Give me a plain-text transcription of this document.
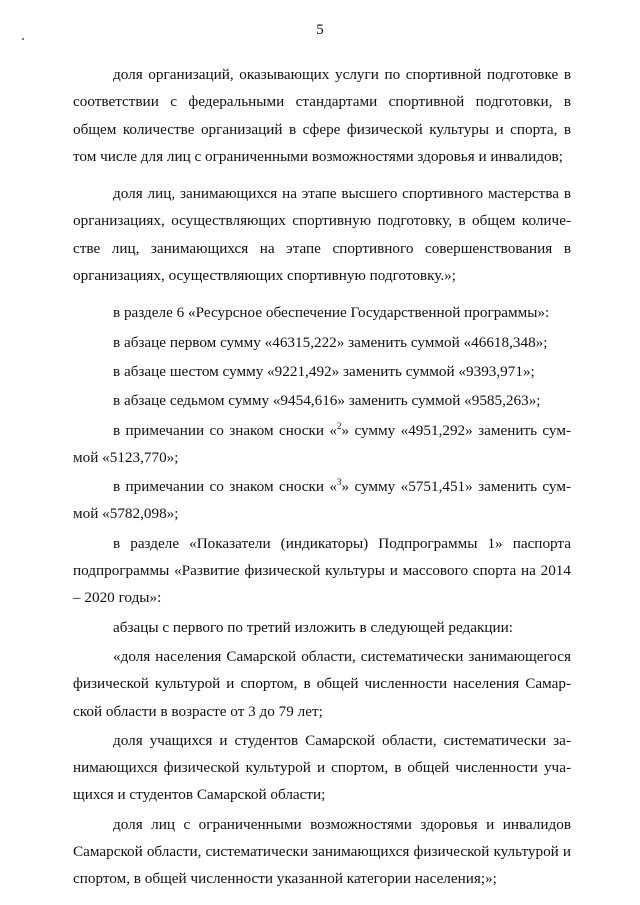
5

доля организаций, оказывающих услуги по спортивной подготовке в соответствии с федеральными стандартами спортивной подготовки, в общем количестве организаций в сфере физической культуры и спорта, в том числе для лиц с ограниченными возможностями здоровья и инвалидов;

доля лиц, занимающихся на этапе высшего спортивного мастерства в организациях, осуществляющих спортивную подготовку, в общем количестве лиц, занимающихся на этапе спортивного совершенствования в организациях, осуществляющих спортивную подготовку.»;

в разделе 6 «Ресурсное обеспечение Государственной программы»:

в абзаце первом сумму «46315,222» заменить суммой «46618,348»;

в абзаце шестом сумму «9221,492» заменить суммой «9393,971»;

в абзаце седьмом сумму «9454,616» заменить суммой «9585,263»;

в примечании со знаком сноски «$^2$» сумму «4951,292» заменить суммой «5123,770»;

в примечании со знаком сноски «$^3$» сумму «5751,451» заменить суммой «5782,098»;

в разделе «Показатели (индикаторы) Подпрограммы 1» паспорта подпрограммы «Развитие физической культуры и массового спорта на 2014 – 2020 годы»:

абзацы с первого по третий изложить в следующей редакции:

«доля населения Самарской области, систематически занимающегося физической культурой и спортом, в общей численности населения Самарской области в возрасте от 3 до 79 лет;

доля учащихся и студентов Самарской области, систематически занимающихся физической культурой и спортом, в общей численности учащихся и студентов Самарской области;

доля лиц с ограниченными возможностями здоровья и инвалидов Самарской области, систематически занимающихся физической культурой и спортом, в общей численности указанной категории населения;»;
